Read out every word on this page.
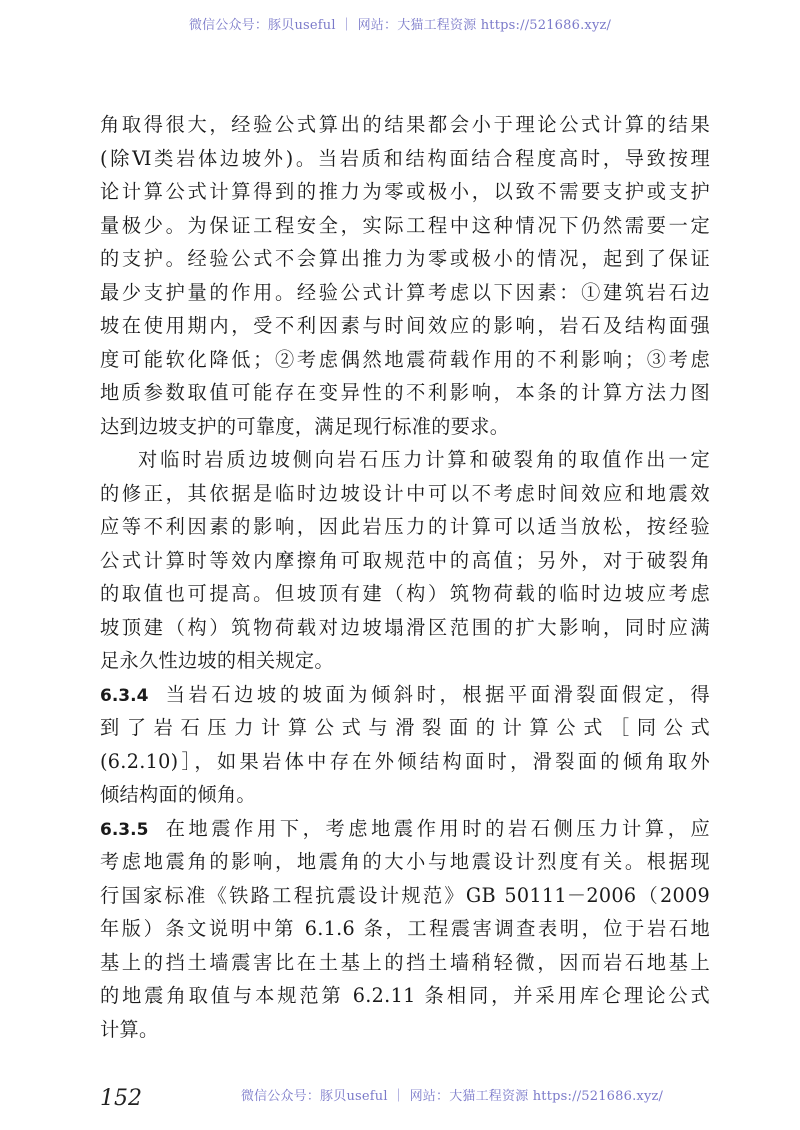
微信公众号：豚贝useful ｜ 网站：大猫工程资源 https://521686.xyz/
角取得很大，经验公式算出的结果都会小于理论公式计算的结果
(除Ⅵ类岩体边坡外)。当岩质和结构面结合程度高时，导致按理
论计算公式计算得到的推力为零或极小，以致不需要支护或支护
量极少。为保证工程安全，实际工程中这种情况下仍然需要一定
的支护。经验公式不会算出推力为零或极小的情况，起到了保证
最少支护量的作用。经验公式计算考虑以下因素：①建筑岩石边
坡在使用期内，受不利因素与时间效应的影响，岩石及结构面强
度可能软化降低；②考虑偶然地震荷载作用的不利影响；③考虑
地质参数取值可能存在变异性的不利影响，本条的计算方法力图
达到边坡支护的可靠度，满足现行标准的要求。
对临时岩质边坡侧向岩石压力计算和破裂角的取值作出一定
的修正，其依据是临时边坡设计中可以不考虑时间效应和地震效
应等不利因素的影响，因此岩压力的计算可以适当放松，按经验
公式计算时等效内摩擦角可取规范中的高值；另外，对于破裂角
的取值也可提高。但坡顶有建（构）筑物荷载的临时边坡应考虑
坡顶建（构）筑物荷载对边坡塌滑区范围的扩大影响，同时应满
足永久性边坡的相关规定。
6.3.4 当岩石边坡的坡面为倾斜时，根据平面滑裂面假定，得
到了岩石压力计算公式与滑裂面的计算公式［同公式
(6.2.10)］，如果岩体中存在外倾结构面时，滑裂面的倾角取外
倾结构面的倾角。
6.3.5 在地震作用下，考虑地震作用时的岩石侧压力计算，应
考虑地震角的影响，地震角的大小与地震设计烈度有关。根据现
行国家标准《铁路工程抗震设计规范》GB 50111－2006（2009
年版）条文说明中第 6.1.6 条，工程震害调查表明，位于岩石地
基上的挡土墙震害比在土基上的挡土墙稍轻微，因而岩石地基上
的地震角取值与本规范第 6.2.11 条相同，并采用库仑理论公式
计算。
152	微信公众号：豚贝useful ｜ 网站：大猫工程资源 https://521686.xyz/
